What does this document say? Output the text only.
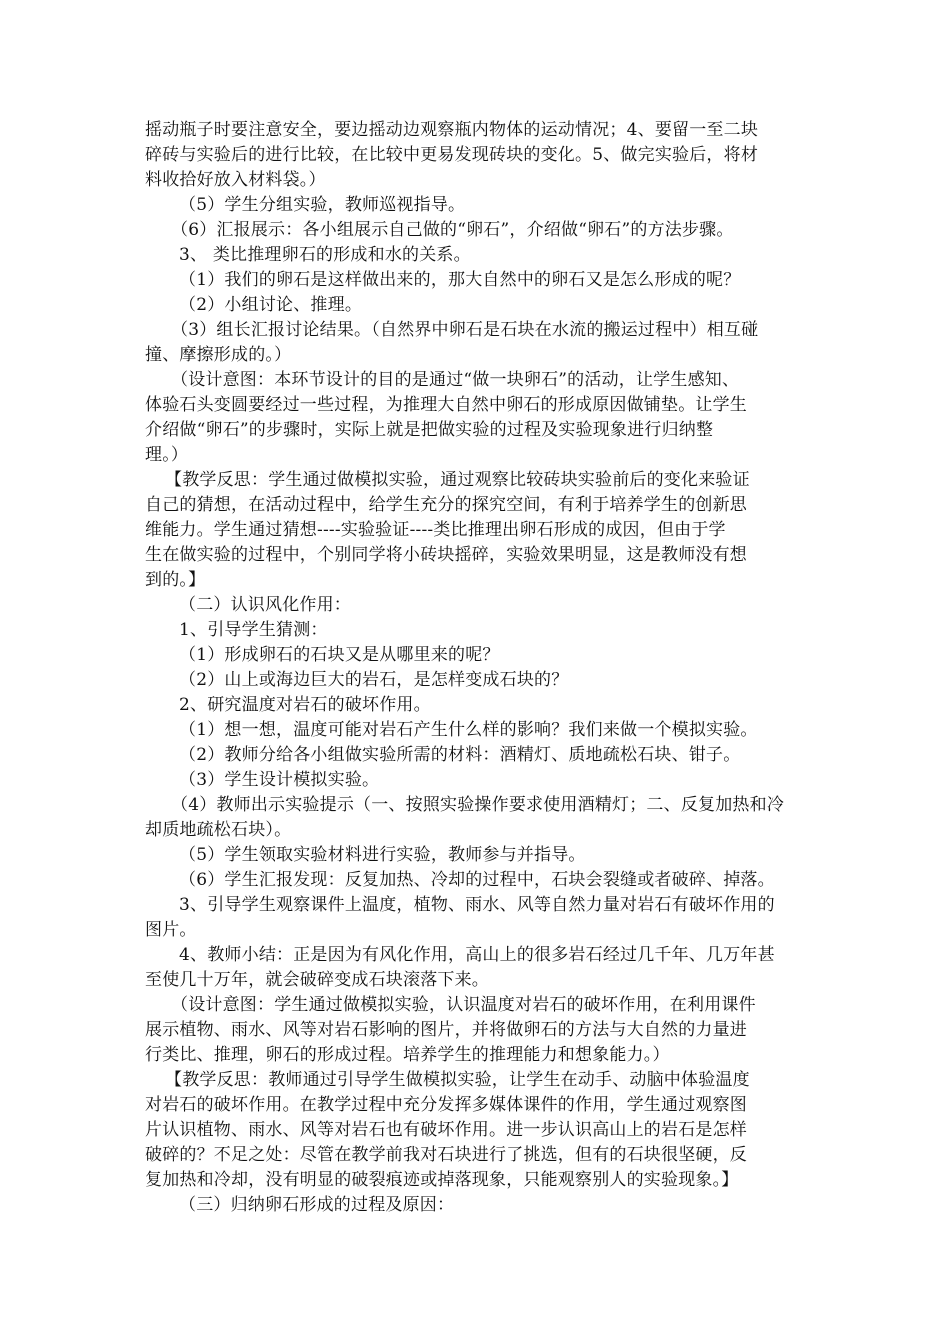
摇动瓶子时要注意安全，要边摇动边观察瓶内物体的运动情况；4、要留一至二块
碎砖与实验后的进行比较，在比较中更易发现砖块的变化。5、做完实验后，将材
料收拾好放入材料袋。）
（5）学生分组实验，教师巡视指导。
（6）汇报展示：各小组展示自己做的“卵石”，介绍做“卵石”的方法步骤。
3、 类比推理卵石的形成和水的关系。
（1）我们的卵石是这样做出来的，那大自然中的卵石又是怎么形成的呢？
（2）小组讨论、推理。
（3）组长汇报讨论结果。（自然界中卵石是石块在水流的搬运过程中）相互碰
撞、摩擦形成的。）
（设计意图：本环节设计的目的是通过“做一块卵石”的活动，让学生感知、
体验石头变圆要经过一些过程，为推理大自然中卵石的形成原因做铺垫。让学生
介绍做“卵石”的步骤时，实际上就是把做实验的过程及实验现象进行归纳整
理。）
【教学反思：学生通过做模拟实验，通过观察比较砖块实验前后的变化来验证
自己的猜想，在活动过程中，给学生充分的探究空间，有利于培养学生的创新思
维能力。学生通过猜想----实验验证----类比推理出卵石形成的成因，但由于学
生在做实验的过程中，个别同学将小砖块摇碎，实验效果明显，这是教师没有想
到的。】
（二）认识风化作用：
1、引导学生猜测：
（1）形成卵石的石块又是从哪里来的呢？
（2）山上或海边巨大的岩石，是怎样变成石块的？
2、研究温度对岩石的破坏作用。
（1）想一想，温度可能对岩石产生什么样的影响？我们来做一个模拟实验。
（2）教师分给各小组做实验所需的材料：酒精灯、质地疏松石块、钳子。
（3）学生设计模拟实验。
（4）教师出示实验提示（一、按照实验操作要求使用酒精灯；二、反复加热和冷
却质地疏松石块）。
（5）学生领取实验材料进行实验，教师参与并指导。
（6）学生汇报发现：反复加热、冷却的过程中，石块会裂缝或者破碎、掉落。
3、引导学生观察课件上温度，植物、雨水、风等自然力量对岩石有破坏作用的
图片。
4、教师小结：正是因为有风化作用，高山上的很多岩石经过几千年、几万年甚
至使几十万年，就会破碎变成石块滚落下来。
（设计意图：学生通过做模拟实验，认识温度对岩石的破坏作用，在利用课件
展示植物、雨水、风等对岩石影响的图片，并将做卵石的方法与大自然的力量进
行类比、推理，卵石的形成过程。培养学生的推理能力和想象能力。）
【教学反思：教师通过引导学生做模拟实验，让学生在动手、动脑中体验温度
对岩石的破坏作用。在教学过程中充分发挥多媒体课件的作用，学生通过观察图
片认识植物、雨水、风等对岩石也有破坏作用。进一步认识高山上的岩石是怎样
破碎的？不足之处：尽管在教学前我对石块进行了挑选，但有的石块很坚硬，反
复加热和冷却，没有明显的破裂痕迹或掉落现象，只能观察别人的实验现象。】
（三）归纳卵石形成的过程及原因：
